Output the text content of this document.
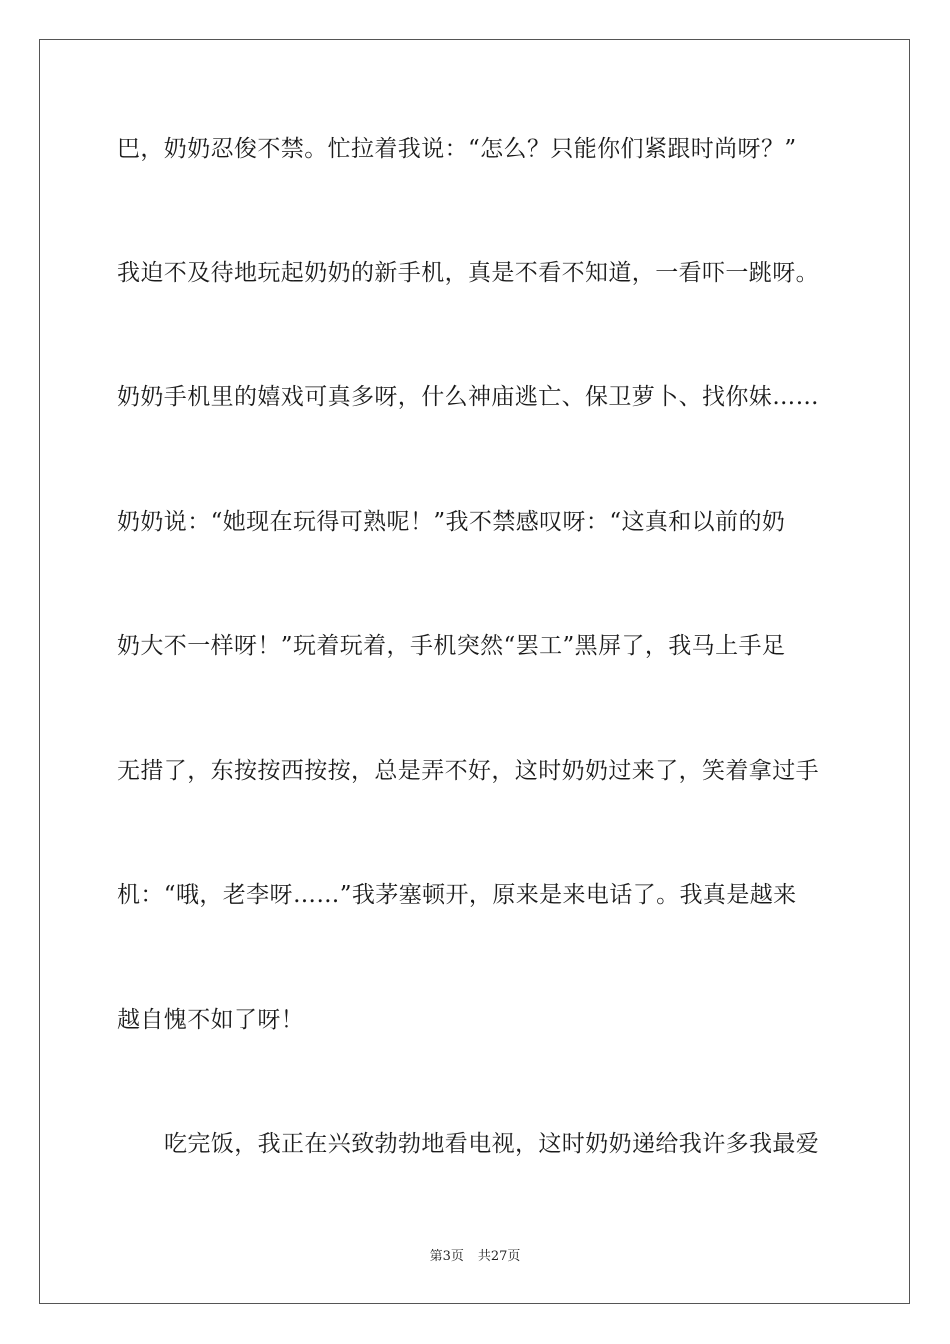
巴，奶奶忍俊不禁。忙拉着我说：“怎么？只能你们紧跟时尚呀？”
我迫不及待地玩起奶奶的新手机，真是不看不知道，一看吓一跳呀。
奶奶手机里的嬉戏可真多呀，什么神庙逃亡、保卫萝卜、找你妹……
奶奶说：“她现在玩得可熟呢！”我不禁感叹呀：“这真和以前的奶
奶大不一样呀！”玩着玩着，手机突然“罢工”黑屏了，我马上手足
无措了，东按按西按按，总是弄不好，这时奶奶过来了，笑着拿过手
机：“哦，老李呀……”我茅塞顿开，原来是来电话了。我真是越来
越自愧不如了呀！
吃完饭，我正在兴致勃勃地看电视，这时奶奶递给我许多我最爱
第3页 共27页
